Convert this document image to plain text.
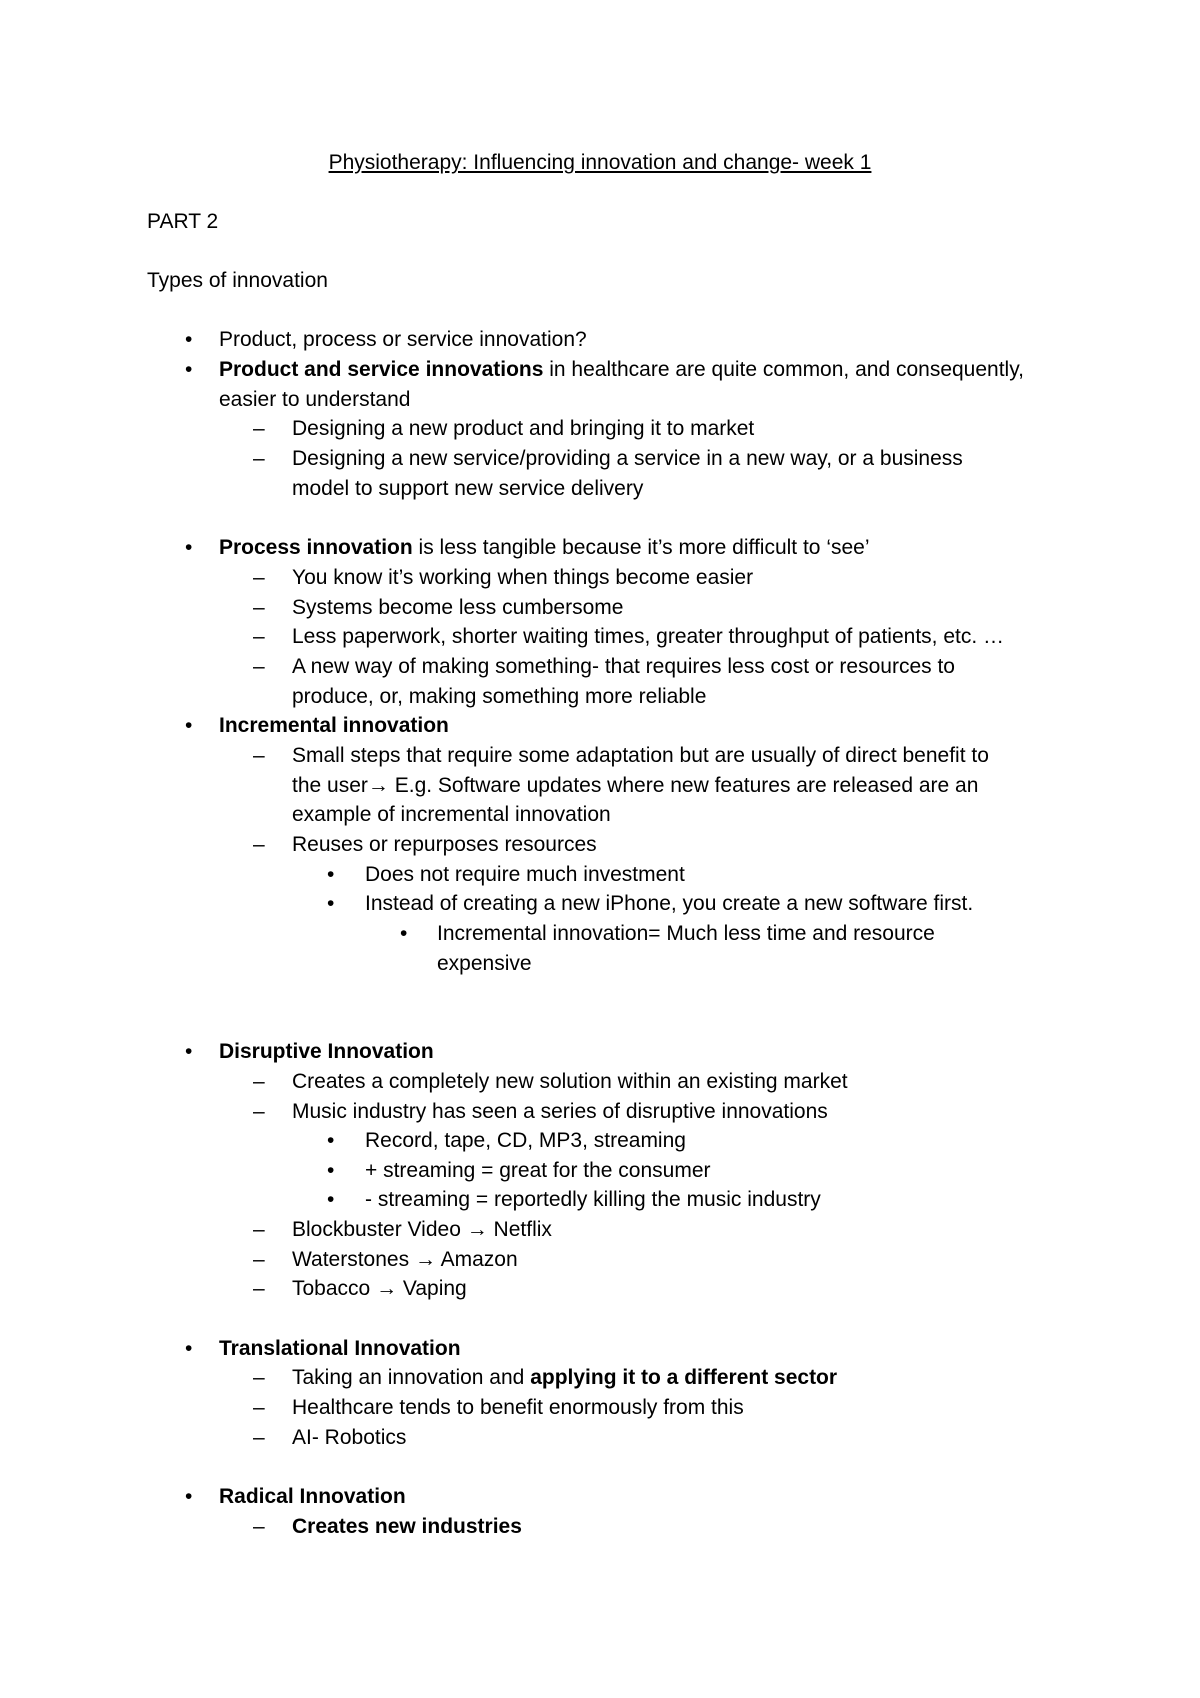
Physiotherapy: Influencing innovation and change- week 1
PART 2
Types of innovation
• Product, process or service innovation?
• Product and service innovations in healthcare are quite common, and consequently,
easier to understand
– Designing a new product and bringing it to market
– Designing a new service/providing a service in a new way, or a business
model to support new service delivery
• Process innovation is less tangible because it’s more difficult to ‘see’
– You know it’s working when things become easier
– Systems become less cumbersome
– Less paperwork, shorter waiting times, greater throughput of patients, etc. …
– A new way of making something- that requires less cost or resources to
produce, or, making something more reliable
• Incremental innovation
– Small steps that require some adaptation but are usually of direct benefit to
the user→ E.g. Software updates where new features are released are an
example of incremental innovation
– Reuses or repurposes resources
• Does not require much investment
• Instead of creating a new iPhone, you create a new software first.
• Incremental innovation= Much less time and resource
expensive
• Disruptive Innovation
– Creates a completely new solution within an existing market
– Music industry has seen a series of disruptive innovations
• Record, tape, CD, MP3, streaming
• + streaming = great for the consumer
• - streaming = reportedly killing the music industry
– Blockbuster Video → Netflix
– Waterstones → Amazon
– Tobacco → Vaping
• Translational Innovation
– Taking an innovation and applying it to a different sector
– Healthcare tends to benefit enormously from this
– AI- Robotics
• Radical Innovation
– Creates new industries
